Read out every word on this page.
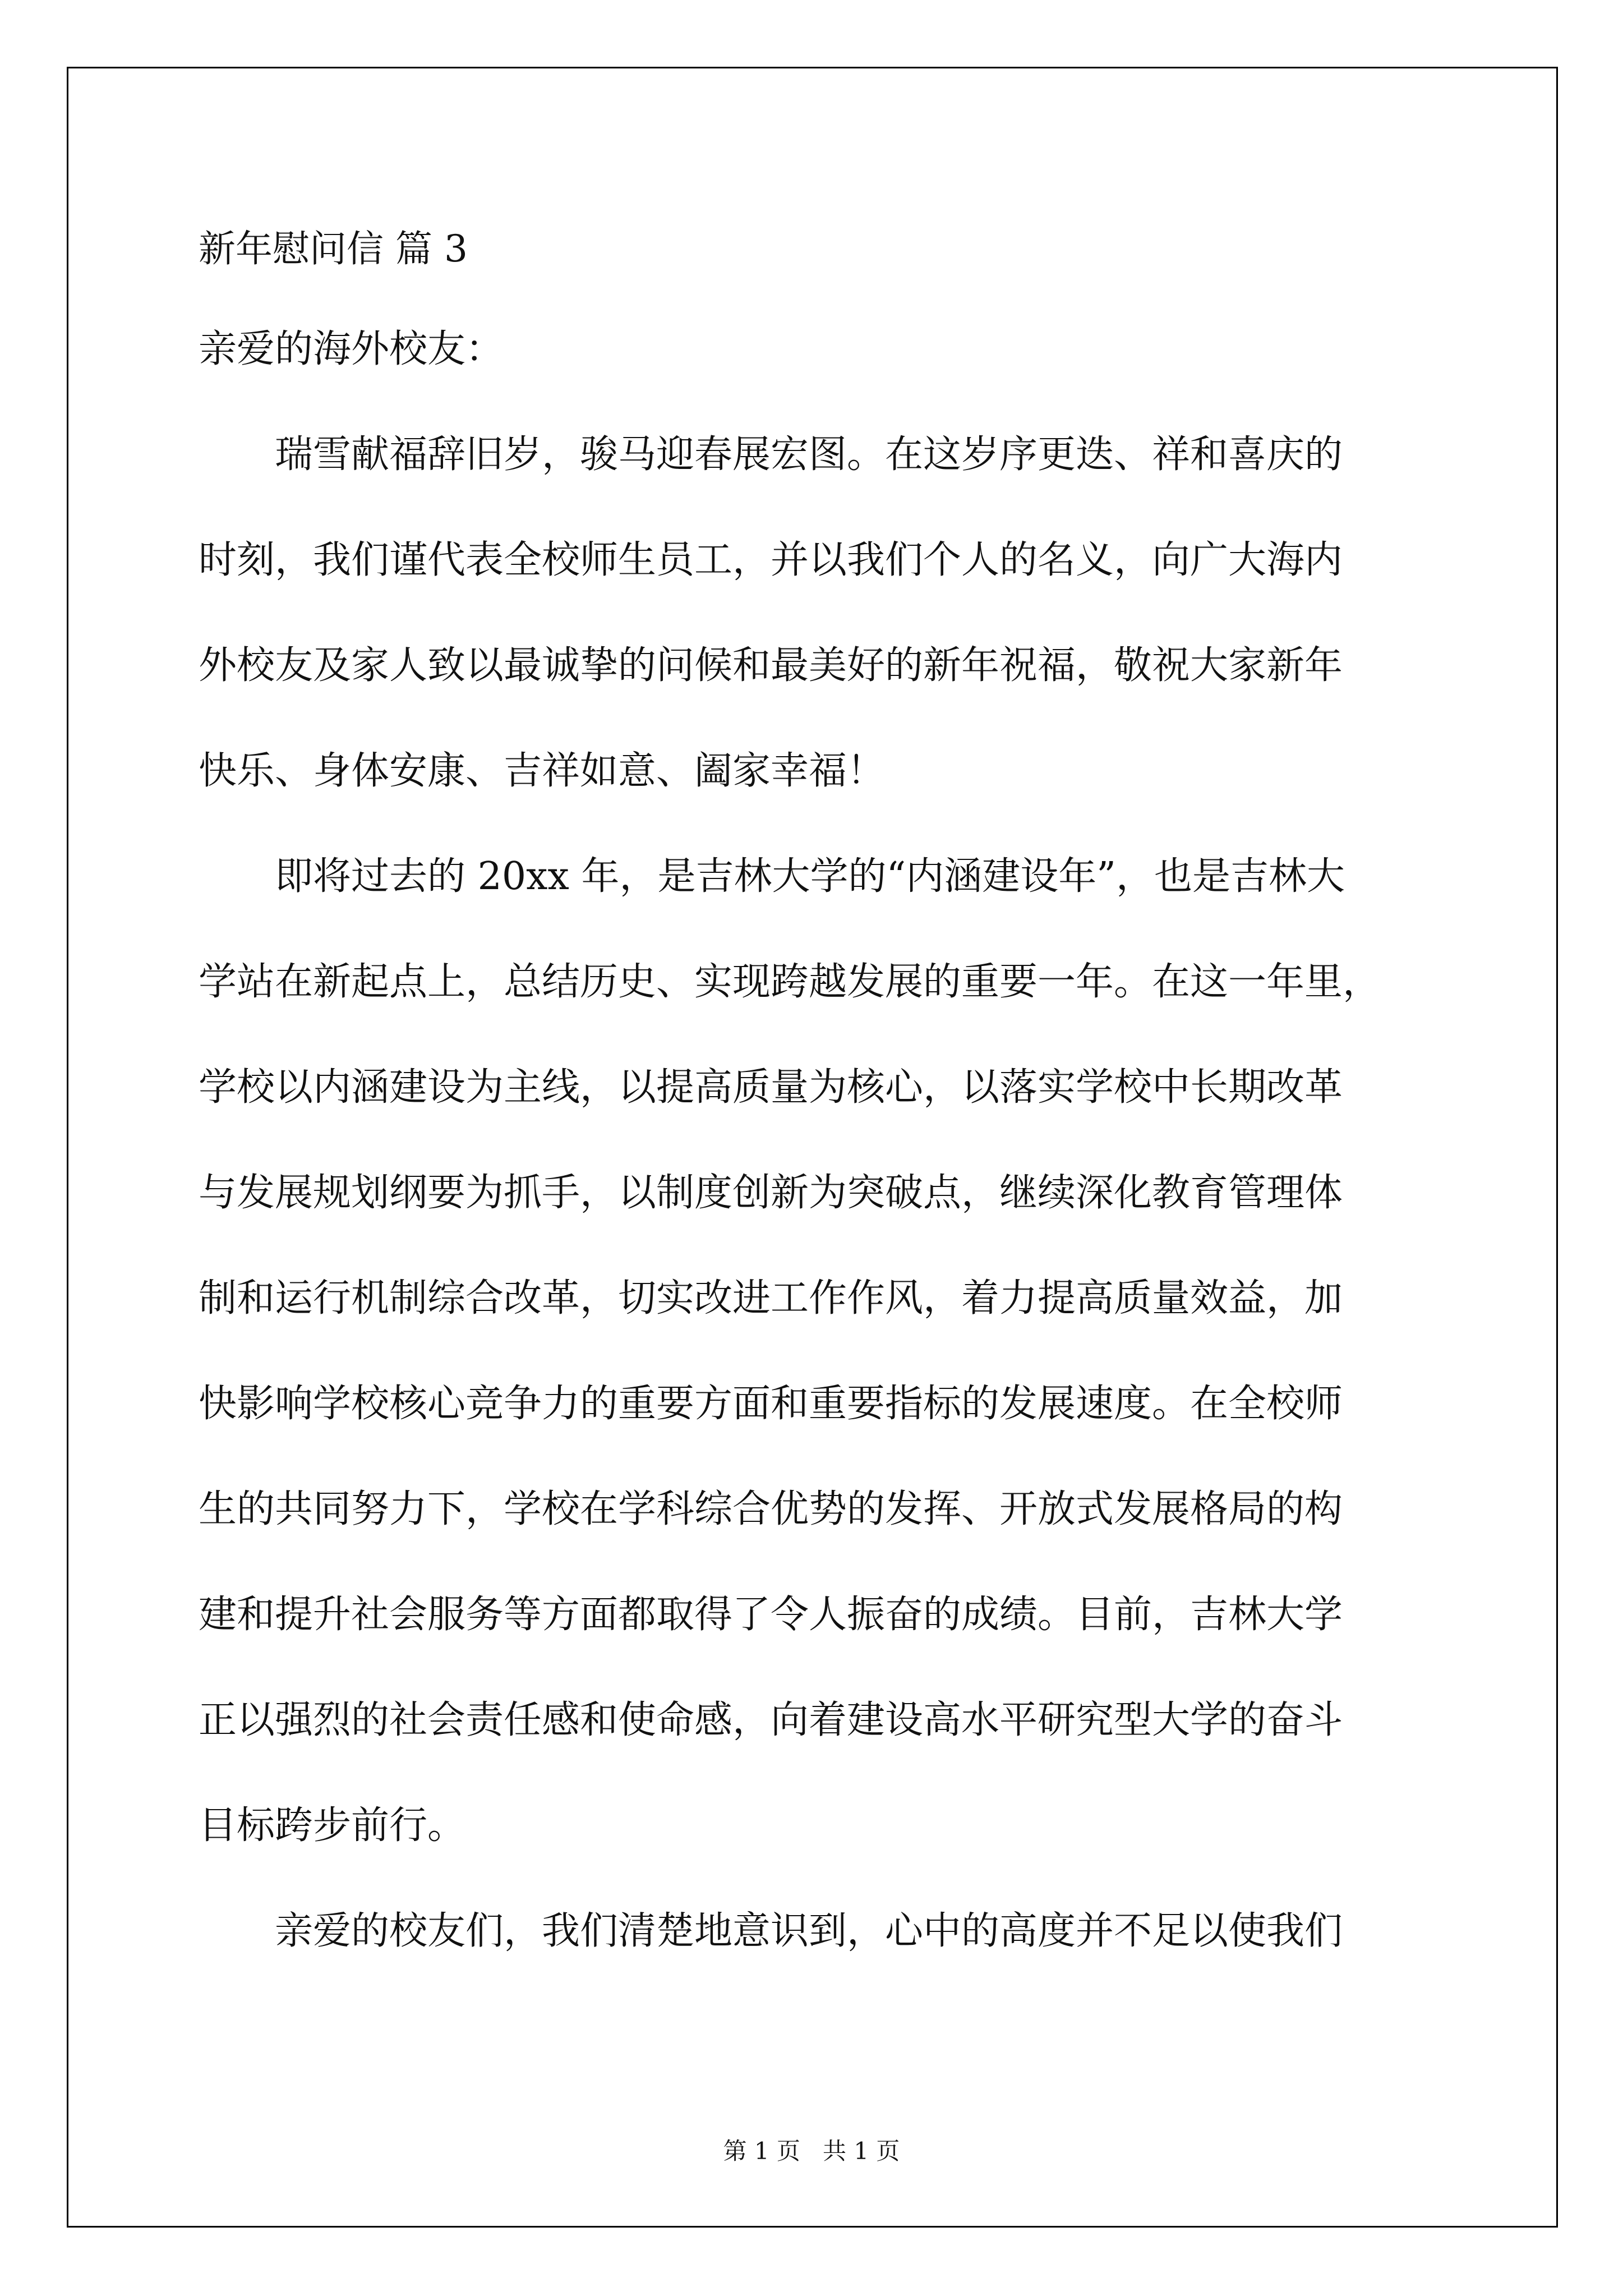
新年慰问信 篇 3

亲爱的海外校友：

　　瑞雪献福辞旧岁，骏马迎春展宏图。在这岁序更迭、祥和喜庆的

时刻，我们谨代表全校师生员工，并以我们个人的名义，向广大海内

外校友及家人致以最诚挚的问候和最美好的新年祝福，敬祝大家新年

快乐、身体安康、吉祥如意、阖家幸福！

　　即将过去的 20xx 年，是吉林大学的“内涵建设年”，也是吉林大

学站在新起点上，总结历史、实现跨越发展的重要一年。在这一年里，

学校以内涵建设为主线，以提高质量为核心，以落实学校中长期改革

与发展规划纲要为抓手，以制度创新为突破点，继续深化教育管理体

制和运行机制综合改革，切实改进工作作风，着力提高质量效益，加

快影响学校核心竞争力的重要方面和重要指标的发展速度。在全校师

生的共同努力下，学校在学科综合优势的发挥、开放式发展格局的构

建和提升社会服务等方面都取得了令人振奋的成绩。目前，吉林大学

正以强烈的社会责任感和使命感，向着建设高水平研究型大学的奋斗

目标跨步前行。

　　亲爱的校友们，我们清楚地意识到，心中的高度并不足以使我们

第 1 页 共 1 页
